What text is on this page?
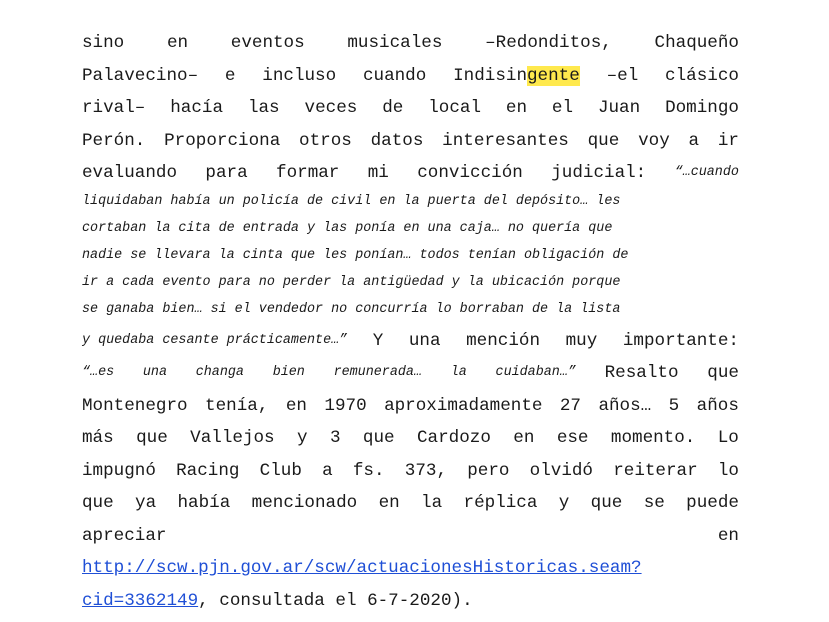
sino en eventos musicales –Redonditos, Chaqueño
Palavecino– e incluso cuando Indisingente –el clásico
rival– hacía las veces de local en el Juan Domingo
Perón. Proporciona otros datos interesantes que voy a ir
evaluando para formar mi convicción judicial: “…cuando
liquidaban había un policía de civil en la puerta del depósito… les
cortaban la cita de entrada y las ponía en una caja… no quería que
nadie se llevara la cinta que les ponían… todos tenían obligación de
ir a cada evento para no perder la antigüedad y la ubicación porque
se ganaba bien… si el vendedor no concurría lo borraban de la lista
y quedaba cesante prácticamente…” Y una mención muy importante:
“…es una changa bien remunerada… la cuidaban…” Resalto que
Montenegro tenía, en 1970 aproximadamente 27 años… 5 años
más que Vallejos y 3 que Cardozo en ese momento. Lo
impugnó Racing Club a fs. 373, pero olvidó reiterar lo
que ya había mencionado en la réplica y que se puede
apreciar	en
http://scw.pjn.gov.ar/scw/actuacionesHistoricas.seam?
cid=3362149 , consultada el 6-7-2020).
